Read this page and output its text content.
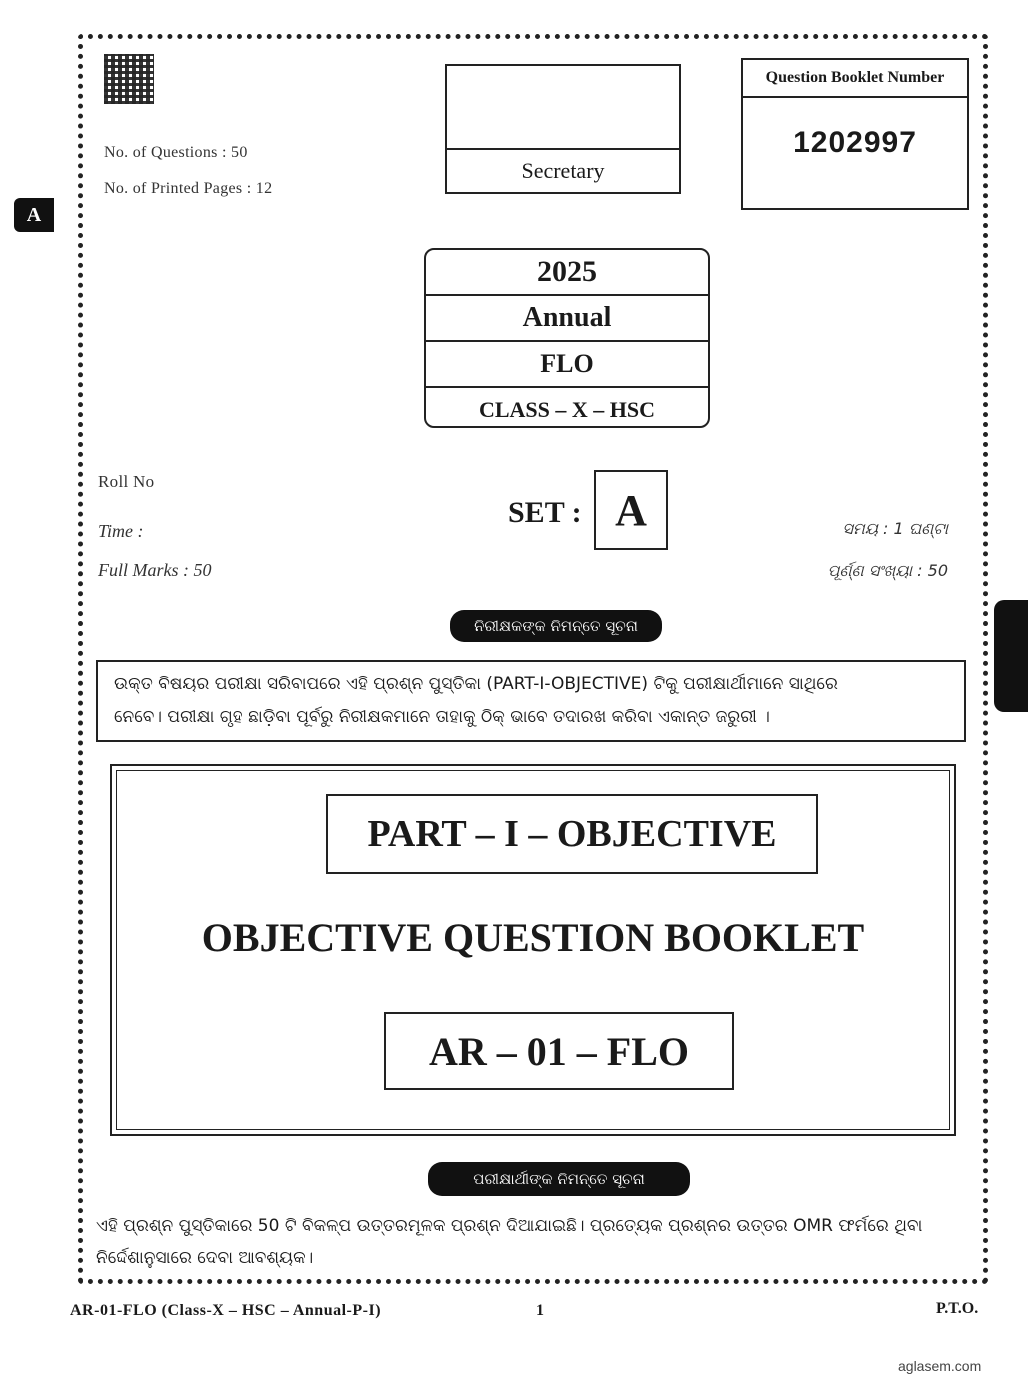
A
No. of Questions : 50
No. of Printed Pages : 12
Secretary
Question Booklet Number
1202997
2025
Annual
FLO
CLASS – X – HSC
Roll No
Time :
Full Marks : 50
SET : A	ସମୟ : 1 ଘଣ୍ଟା
ପୂର୍ଣ୍ଣ ସଂଖ୍ୟା : 50
ନିରୀକ୍ଷକଙ୍କ ନିମନ୍ତେ ସୂଚନା
ଉକ୍ତ ବିଷୟର ପରୀକ୍ଷା ସରିବାପରେ ଏହି ପ୍ରଶ୍ନ ପୁସ୍ତିକା (PART-I-OBJECTIVE) ଟିକୁ ପରୀକ୍ଷାର୍ଥୀମାନେ ସାଥିରେ
ନେବେ। ପରୀକ୍ଷା ଗୃହ ଛାଡ଼ିବା ପୂର୍ବରୁ ନିରୀକ୍ଷକମାନେ ତାହାକୁ ଠିକ୍ ଭାବେ ତଦାରଖ କରିବା ଏକାନ୍ତ ଜରୁରୀ ।
PART – I – OBJECTIVE
OBJECTIVE QUESTION BOOKLET
AR – 01 – FLO
ପରୀକ୍ଷାର୍ଥୀଙ୍କ ନିମନ୍ତେ ସୂଚନା
ଏହି ପ୍ରଶ୍ନ ପୁସ୍ତିକାରେ 50 ଟି ବିକଳ୍ପ ଉତ୍ତରମୂଳକ ପ୍ରଶ୍ନ ଦିଆଯାଇଛି। ପ୍ରତ୍ୟେକ ପ୍ରଶ୍ନର ଉତ୍ତର OMR ଫର୍ମରେ ଥିବା
ନିର୍ଦ୍ଦେଶାନୁସାରେ ଦେବା ଆବଶ୍ୟକ।
AR-01-FLO (Class-X – HSC – Annual-P-I)	1	P.T.O.
aglasem.com
